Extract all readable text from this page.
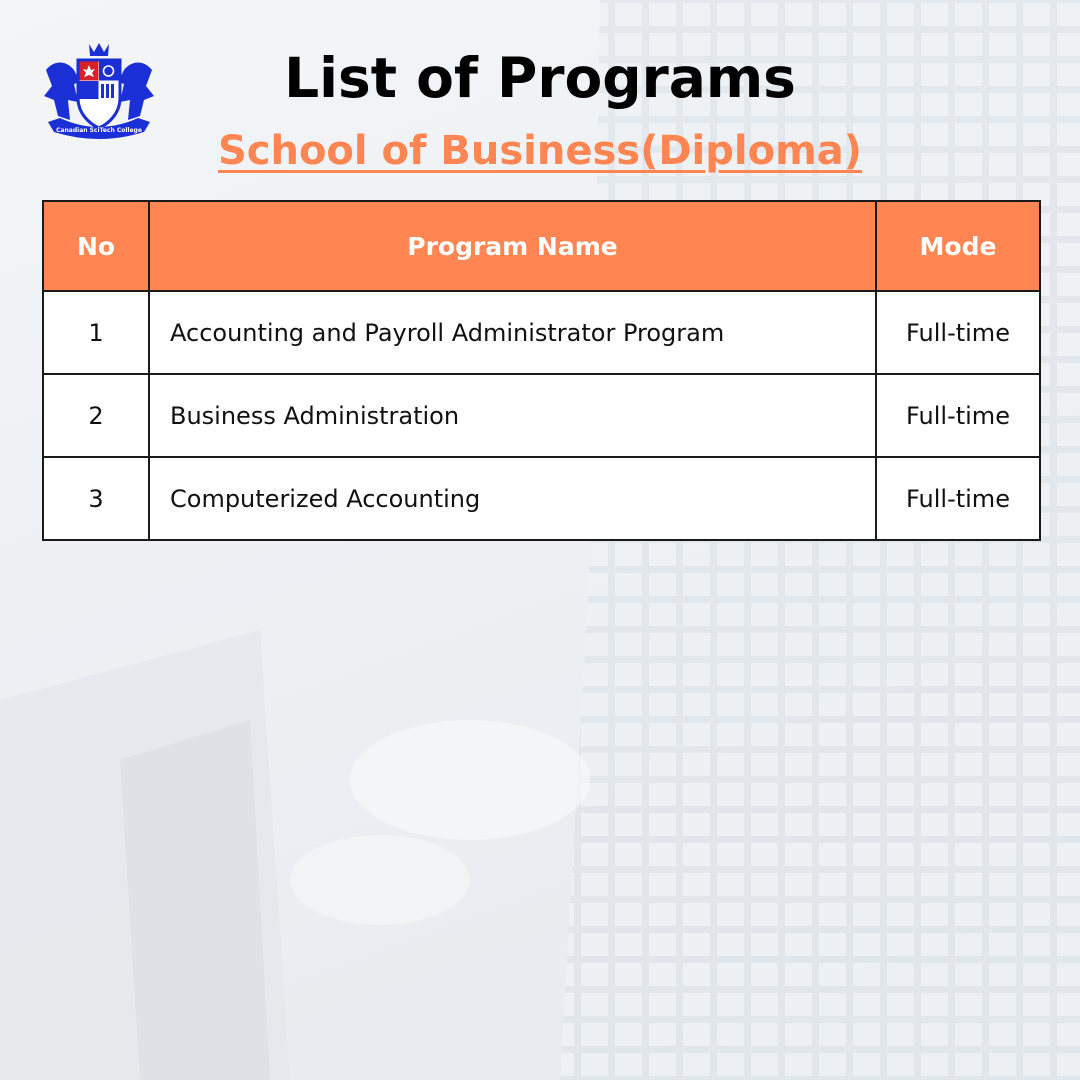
Canadian SciTech College
List of Programs
School of Business(Diploma)
No	Program Name	Mode
1	Accounting and Payroll Administrator Program	Full-time
2	Business Administration	Full-time
3	Computerized Accounting	Full-time
